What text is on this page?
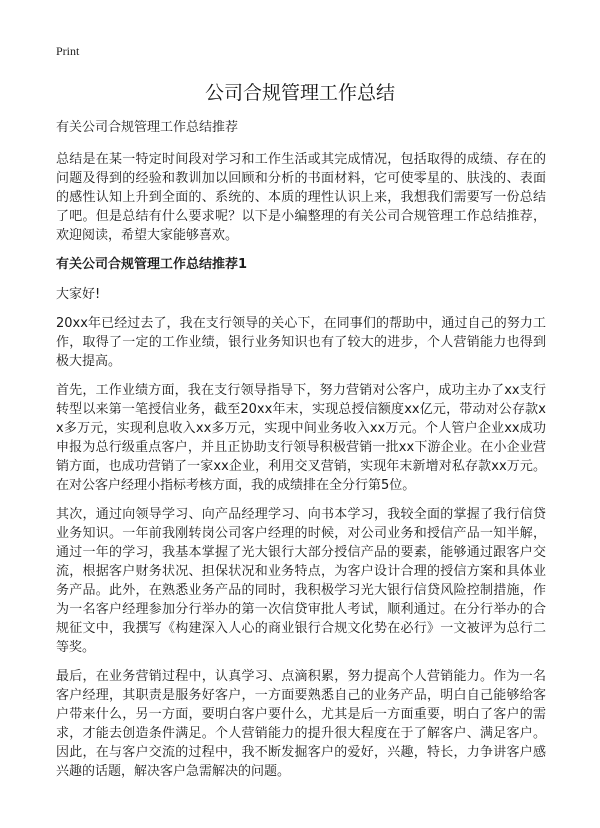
Print
公司合规管理工作总结
有关公司合规管理工作总结推荐

总结是在某一特定时间段对学习和工作生活或其完成情况，包括取得的成绩、存在的问题及得到的经验和教训加以回顾和分析的书面材料，它可使零星的、肤浅的、表面的感性认知上升到全面的、系统的、本质的理性认识上来，我想我们需要写一份总结了吧。但是总结有什么要求呢？以下是小编整理的有关公司合规管理工作总结推荐，欢迎阅读，希望大家能够喜欢。

有关公司合规管理工作总结推荐1

大家好!

20xx年已经过去了，我在支行领导的关心下，在同事们的帮助中，通过自己的努力工作，取得了一定的工作业绩，银行业务知识也有了较大的进步，个人营销能力也得到极大提高。

首先，工作业绩方面，我在支行领导指导下，努力营销对公客户，成功主办了xx支行转型以来第一笔授信业务，截至20xx年末，实现总授信额度xx亿元，带动对公存款xx多万元，实现利息收入xx多万元，实现中间业务收入xx万元。个人管户企业xx成功申报为总行级重点客户，并且正协助支行领导积极营销一批xx下游企业。在小企业营销方面，也成功营销了一家xx企业，利用交叉营销，实现年末新增对私存款xx万元。在对公客户经理小指标考核方面，我的成绩排在全分行第5位。

其次，通过向领导学习、向产品经理学习、向书本学习，我较全面的掌握了我行信贷业务知识。一年前我刚转岗公司客户经理的时候，对公司业务和授信产品一知半解，通过一年的学习，我基本掌握了光大银行大部分授信产品的要素，能够通过跟客户交流，根据客户财务状况、担保状况和业务特点，为客户设计合理的授信方案和具体业务产品。此外，在熟悉业务产品的同时，我积极学习光大银行信贷风险控制措施，作为一名客户经理参加分行举办的第一次信贷审批人考试，顺利通过。在分行举办的合规征文中，我撰写《构建深入人心的商业银行合规文化势在必行》一文被评为总行二等奖。

最后，在业务营销过程中，认真学习、点滴积累，努力提高个人营销能力。作为一名客户经理，其职责是服务好客户，一方面要熟悉自己的业务产品，明白自己能够给客户带来什么，另一方面，要明白客户要什么，尤其是后一方面重要，明白了客户的需求，才能去创造条件满足。个人营销能力的提升很大程度在于了解客户、满足客户。因此，在与客户交流的过程中，我不断发掘客户的爱好，兴趣，特长，力争讲客户感兴趣的话题，解决客户急需解决的问题。
